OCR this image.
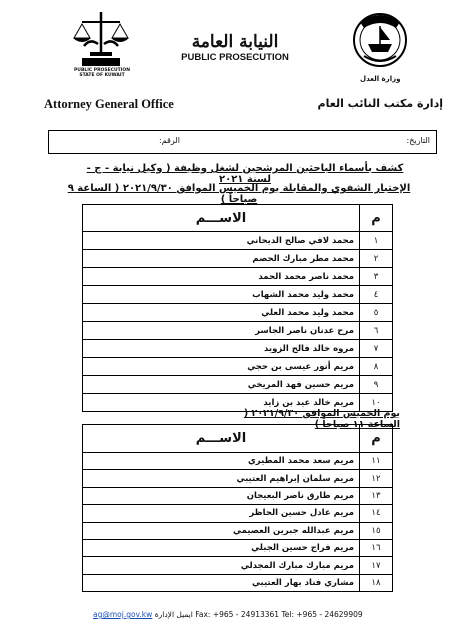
PUBLIC PROSECUTION
STATE OF KUWAIT
النيابة العامة
PUBLIC PROSECUTION
وزارة العدل
Attorney General Office	إدارة مكتب النائب العام
التاريخ:
الرقم:
كشف بأسماء الباحثين المرشحين لشغل وظيفة ( وكيل نيابة - ج - لسنة ٢٠٢١
الإختبار الشفوي والمقابلة يوم الخميس الموافق ٢٠٢١/٩/٣٠ ( الساعة ٩ صباحاً )
م	الاســـم
١	محمد لافي صالح الديحاني
٢	محمد مطر مبارك الحصم
٣	محمد ناصر محمد الحمد
٤	محمد وليد محمد الشهاب
٥	محمد وليد محمد العلي
٦	مرح عدنان ناصر الجاسر
٧	مروه خالد فالح الزويد
٨	مريم أنور عيسى بن حجي
٩	مريم حسين فهد المريخي
١٠	مريم خالد عيد بن زايد
يوم الخميس الموافق ٢٠٢١/٩/٣٠ ( الساعة ١١ صباحاً )
م	الاســـم
١١	مريم سعد محمد المطيري
١٢	مريم سلمان إبراهيم العتيبي
١٣	مريم طارق ناصر البعيجان
١٤	مريم عادل حسين الحاظر
١٥	مريم عبدالله جبرين العصيمي
١٦	مريم فراج حسين الجبلي
١٧	مريم مبارك مبارك المجدلي
١٨	مشاري فناد بهار العتيبي
ag@moj.gov.kw ايميل الإدارة Fax: +965 - 24913361 Tel: +965 - 24629909
